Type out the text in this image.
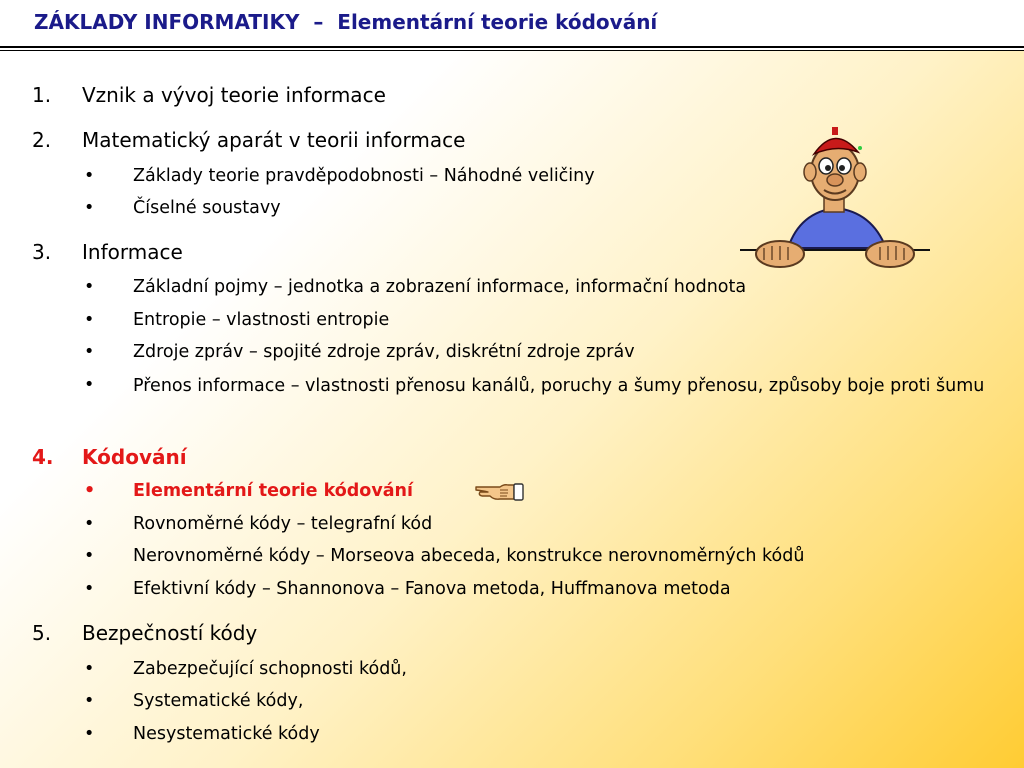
ZÁKLADY INFORMATIKY  –  Elementární teorie kódování
1. Vznik a vývoj teorie informace
2. Matematický aparát v teorii informace
• Základy teorie pravděpodobnosti – Náhodné veličiny
• Číselné soustavy
3. Informace
• Základní pojmy – jednotka a zobrazení informace, informační hodnota
• Entropie – vlastnosti entropie
• Zdroje zpráv – spojité zdroje zpráv, diskrétní zdroje zpráv
• Přenos informace – vlastnosti přenosu kanálů, poruchy a šumy přenosu, způsoby boje proti šumu
4. Kódování
• Elementární teorie kódování
• Rovnoměrné kódy – telegrafní kód
• Nerovnoměrné kódy – Morseova abeceda, konstrukce nerovnoměrných kódů
• Efektivní kódy – Shannonova – Fanova metoda, Huffmanova metoda
5. Bezpečností kódy
• Zabezpečující schopnosti kódů,
• Systematické kódy,
• Nesystematické kódy
